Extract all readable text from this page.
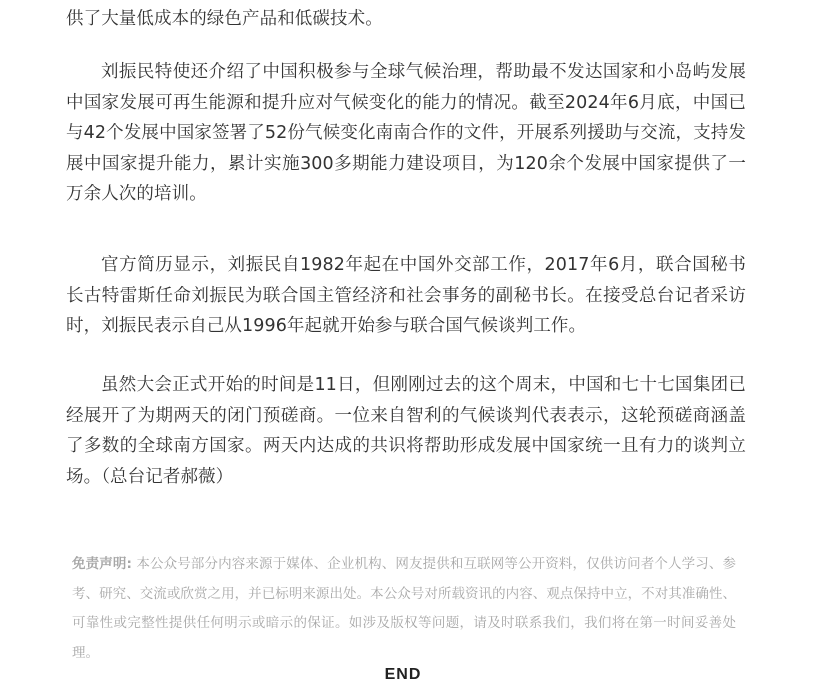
供了大量低成本的绿色产品和低碳技术。

刘振民特使还介绍了中国积极参与全球气候治理，帮助最不发达国家和小岛屿发展中国家发展可再生能源和提升应对气候变化的能力的情况。截至2024年6月底，中国已与42个发展中国家签署了52份气候变化南南合作的文件，开展系列援助与交流，支持发展中国家提升能力，累计实施300多期能力建设项目，为120余个发展中国家提供了一万余人次的培训。

官方简历显示，刘振民自1982年起在中国外交部工作，2017年6月，联合国秘书长古特雷斯任命刘振民为联合国主管经济和社会事务的副秘书长。在接受总台记者采访时，刘振民表示自己从1996年起就开始参与联合国气候谈判工作。

虽然大会正式开始的时间是11日，但刚刚过去的这个周末，中国和七十七国集团已经展开了为期两天的闭门预磋商。一位来自智利的气候谈判代表表示，这轮预磋商涵盖了多数的全球南方国家。两天内达成的共识将帮助形成发展中国家统一且有力的谈判立场。（总台记者郝薇）

免责声明: 本公众号部分内容来源于媒体、企业机构、网友提供和互联网等公开资料，仅供访问者个人学习、参考、研究、交流或欣赏之用，并已标明来源出处。本公众号对所载资讯的内容、观点保持中立，不对其准确性、可靠性或完整性提供任何明示或暗示的保证。如涉及版权等问题，请及时联系我们，我们将在第一时间妥善处理。

END
